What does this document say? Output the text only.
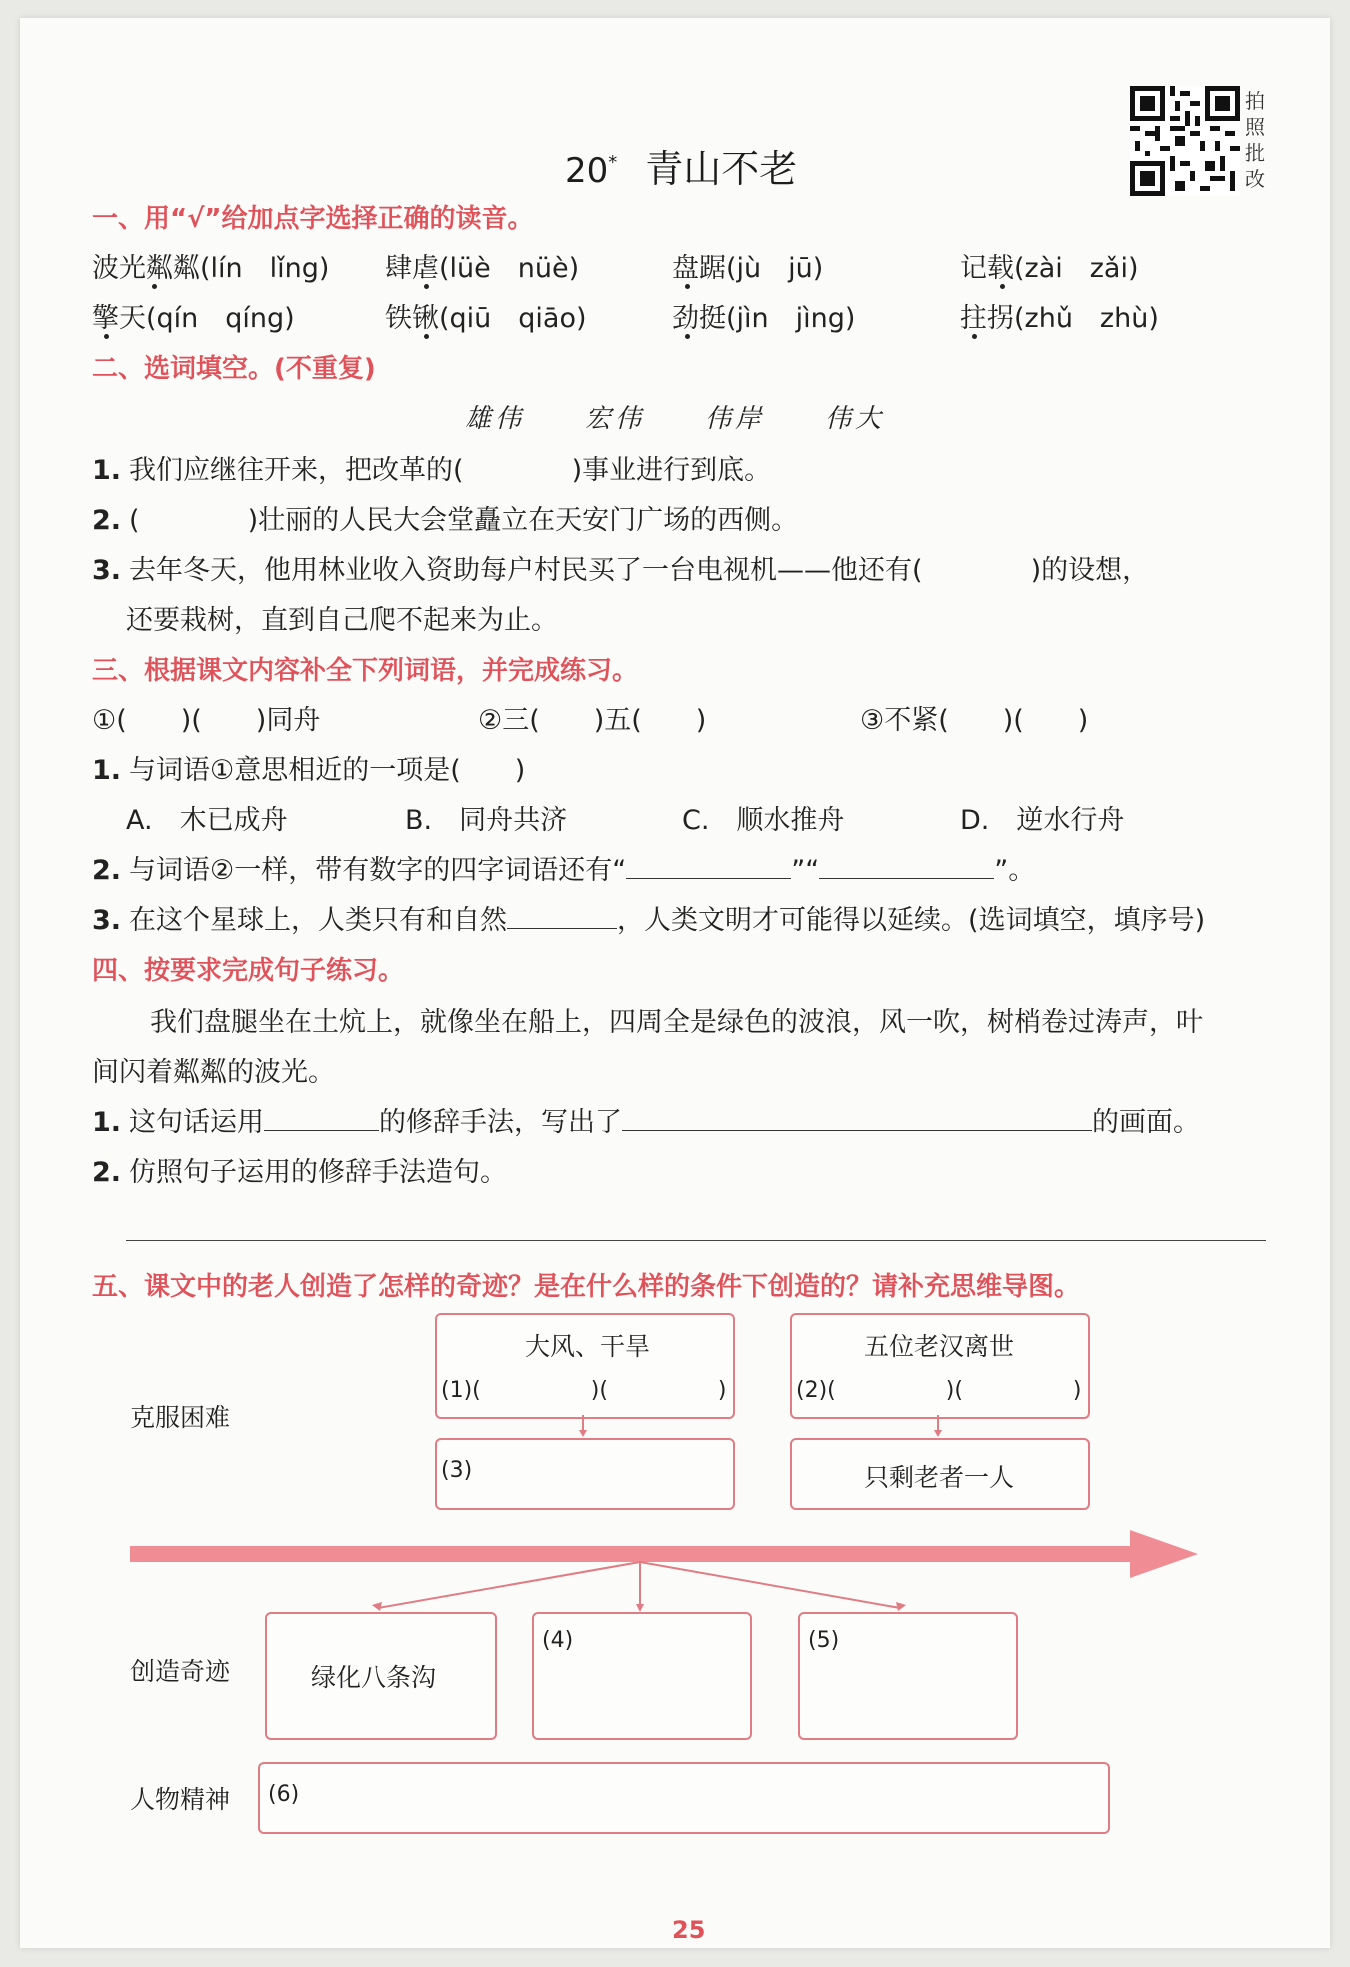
20* 青山不老
拍照批改
一、用“√”给加点字选择正确的读音。
波光粼粼(lín　lǐng) 肆虐(lüè　nüè)	盘踞(jù　jū)	记载(zài　zǎi)
擎天(qín　qíng)	铁锹(qiū　qiāo)	劲挺(jìn　jìng)	拄拐(zhǔ　zhù)
二、选词填空。(不重复)
雄伟　　宏伟　　伟岸　　伟大
1. 我们应继往开来，把改革的(　　　　)事业进行到底。
2. (　　　　)壮丽的人民大会堂矗立在天安门广场的西侧。
3. 去年冬天，他用林业收入资助每户村民买了一台电视机——他还有(　　　　)的设想，
还要栽树，直到自己爬不起来为止。
三、根据课文内容补全下列词语，并完成练习。
①(　　)(　　)同舟	②三(　　)五(　　)	③不紧(　　)(　　)
1. 与词语①意思相近的一项是(　　)
A.　木已成舟	B.　同舟共济	C.　顺水推舟	D.　逆水行舟
2. 与词语②一样，带有数字的四字词语还有“	”“	”。
3. 在这个星球上，人类只有和自然	，人类文明才可能得以延续。(选词填空，填序号)
四、按要求完成句子练习。
我们盘腿坐在土炕上，就像坐在船上，四周全是绿色的波浪，风一吹，树梢卷过涛声，叶
间闪着粼粼的波光。
1. 这句话运用	的修辞手法，写出了	的画面。
2. 仿照句子运用的修辞手法造句。
五、课文中的老人创造了怎样的奇迹？是在什么样的条件下创造的？请补充思维导图。
克服困难
创造奇迹
人物精神
大风、干旱
(1)(　　　　　)(　　　　　)
五位老汉离世
(2)(　　　　　)(　　　　　)
(3)	只剩老者一人
绿化八条沟
(4)	(5)
(6)
25
